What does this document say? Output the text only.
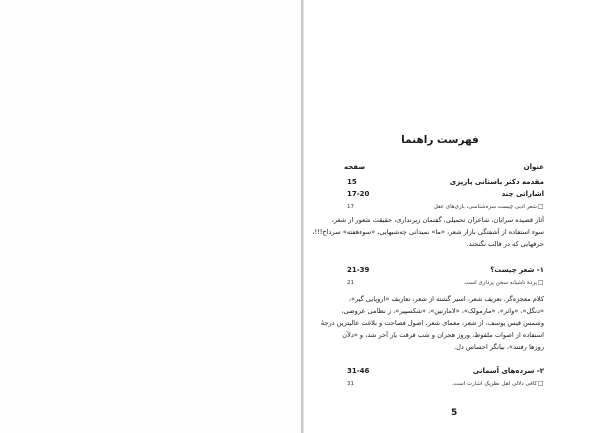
فهرست راهنما
عنوان
صفحه
مقدمه دکتر باستانی پاریزی
15
اشاراتی چند
17-20
شعر ادبی چیست سره‌شناسی، بازی‌های عقل □
17
آثار قصیده سرایان، شاعران تحمیلی، گفتمان زیرنداری، حقیقت شعور از شعر،
سوء استفاده از آشفتگی بازار شعر، «ما» نمیدانی چه‌شبهایی، «سوءهفته» سرداخ!!!،
حرفهایی که در قالب نگنجند.
۱- شعر چیست؟
21-39
پردهٔ ناشیانه سخن پردازی است. □
21
کلام معجزه‌گر، تعریف شعر، اسیر گشته از شعر، تعاریف «اروپایی گیر»،
«دنگل»، «واثر»، «مارمولک»، «لامارتین»، «شکسپیر»، ز نظامی عروضی،
وشمس قیس یوسف، از شعر، معمای شعر، اصول فصاحت و بلاغت عالیترین درجهٔ
استفاده از اصوات ملفوظ، وروز هجران و شب فرقت یار آخر شد، و «دلآن
روزها رفتند»، بیانگر احساس دل.
۲- سرده‌های آسمانی
31-46
کافی دلالی اهل نظریک اشارت است. □
31
5
